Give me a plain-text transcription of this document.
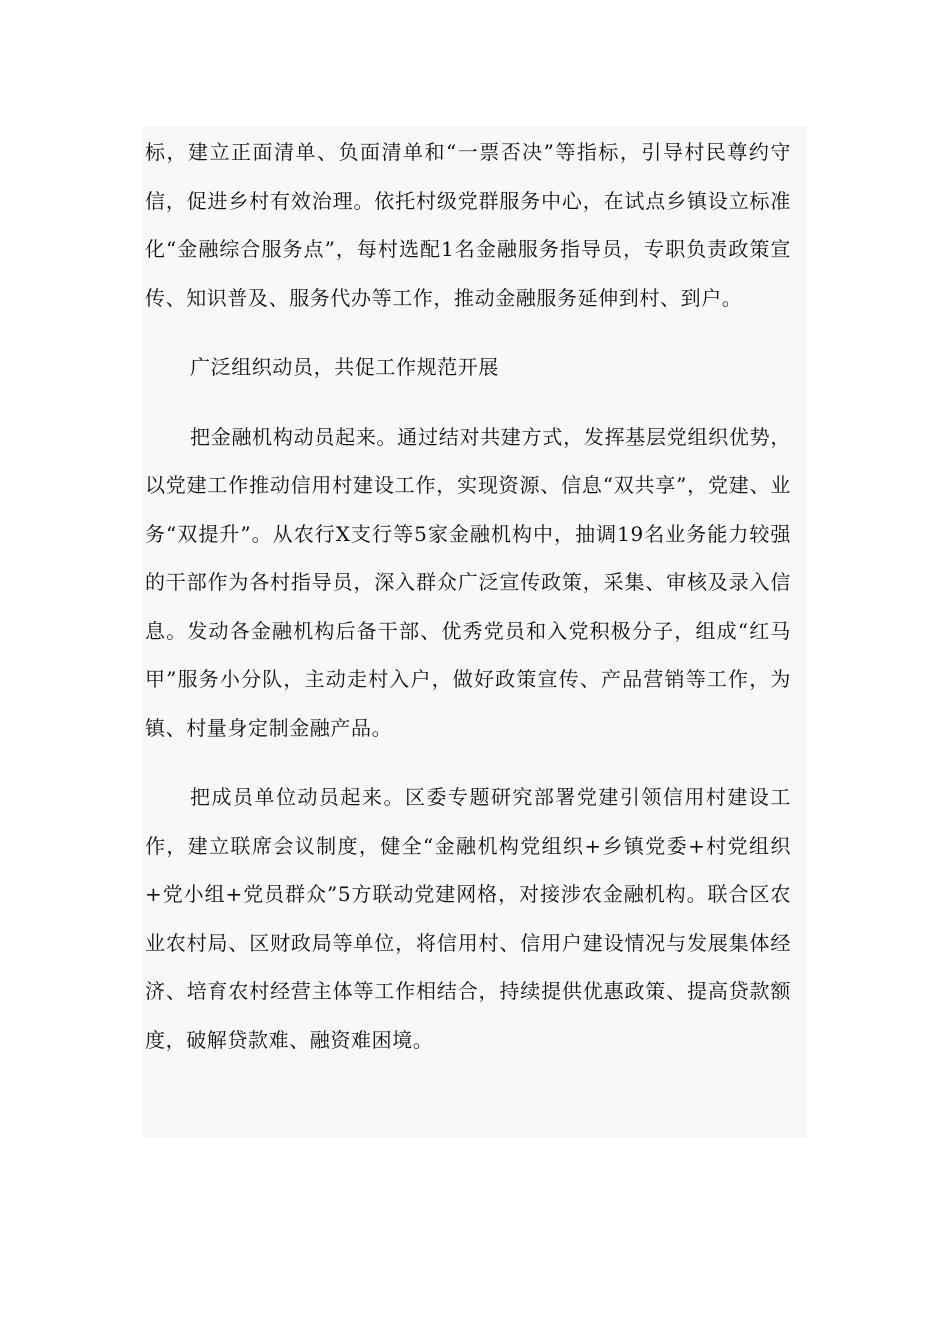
标，建立正面清单、负面清单和“一票否决”等指标，引导村民尊约守信，促进乡村有效治理。依托村级党群服务中心，在试点乡镇设立标准化“金融综合服务点”，每村选配1名金融服务指导员，专职负责政策宣传、知识普及、服务代办等工作，推动金融服务延伸到村、到户。

广泛组织动员，共促工作规范开展

把金融机构动员起来。通过结对共建方式，发挥基层党组织优势，以党建工作推动信用村建设工作，实现资源、信息“双共享”，党建、业务“双提升”。从农行X支行等5家金融机构中，抽调19名业务能力较强的干部作为各村指导员，深入群众广泛宣传政策，采集、审核及录入信息。发动各金融机构后备干部、优秀党员和入党积极分子，组成“红马甲”服务小分队，主动走村入户，做好政策宣传、产品营销等工作，为镇、村量身定制金融产品。

把成员单位动员起来。区委专题研究部署党建引领信用村建设工作，建立联席会议制度，健全“金融机构党组织+乡镇党委+村党组织+党小组+党员群众”5方联动党建网格，对接涉农金融机构。联合区农业农村局、区财政局等单位，将信用村、信用户建设情况与发展集体经济、培育农村经营主体等工作相结合，持续提供优惠政策、提高贷款额度，破解贷款难、融资难困境。
